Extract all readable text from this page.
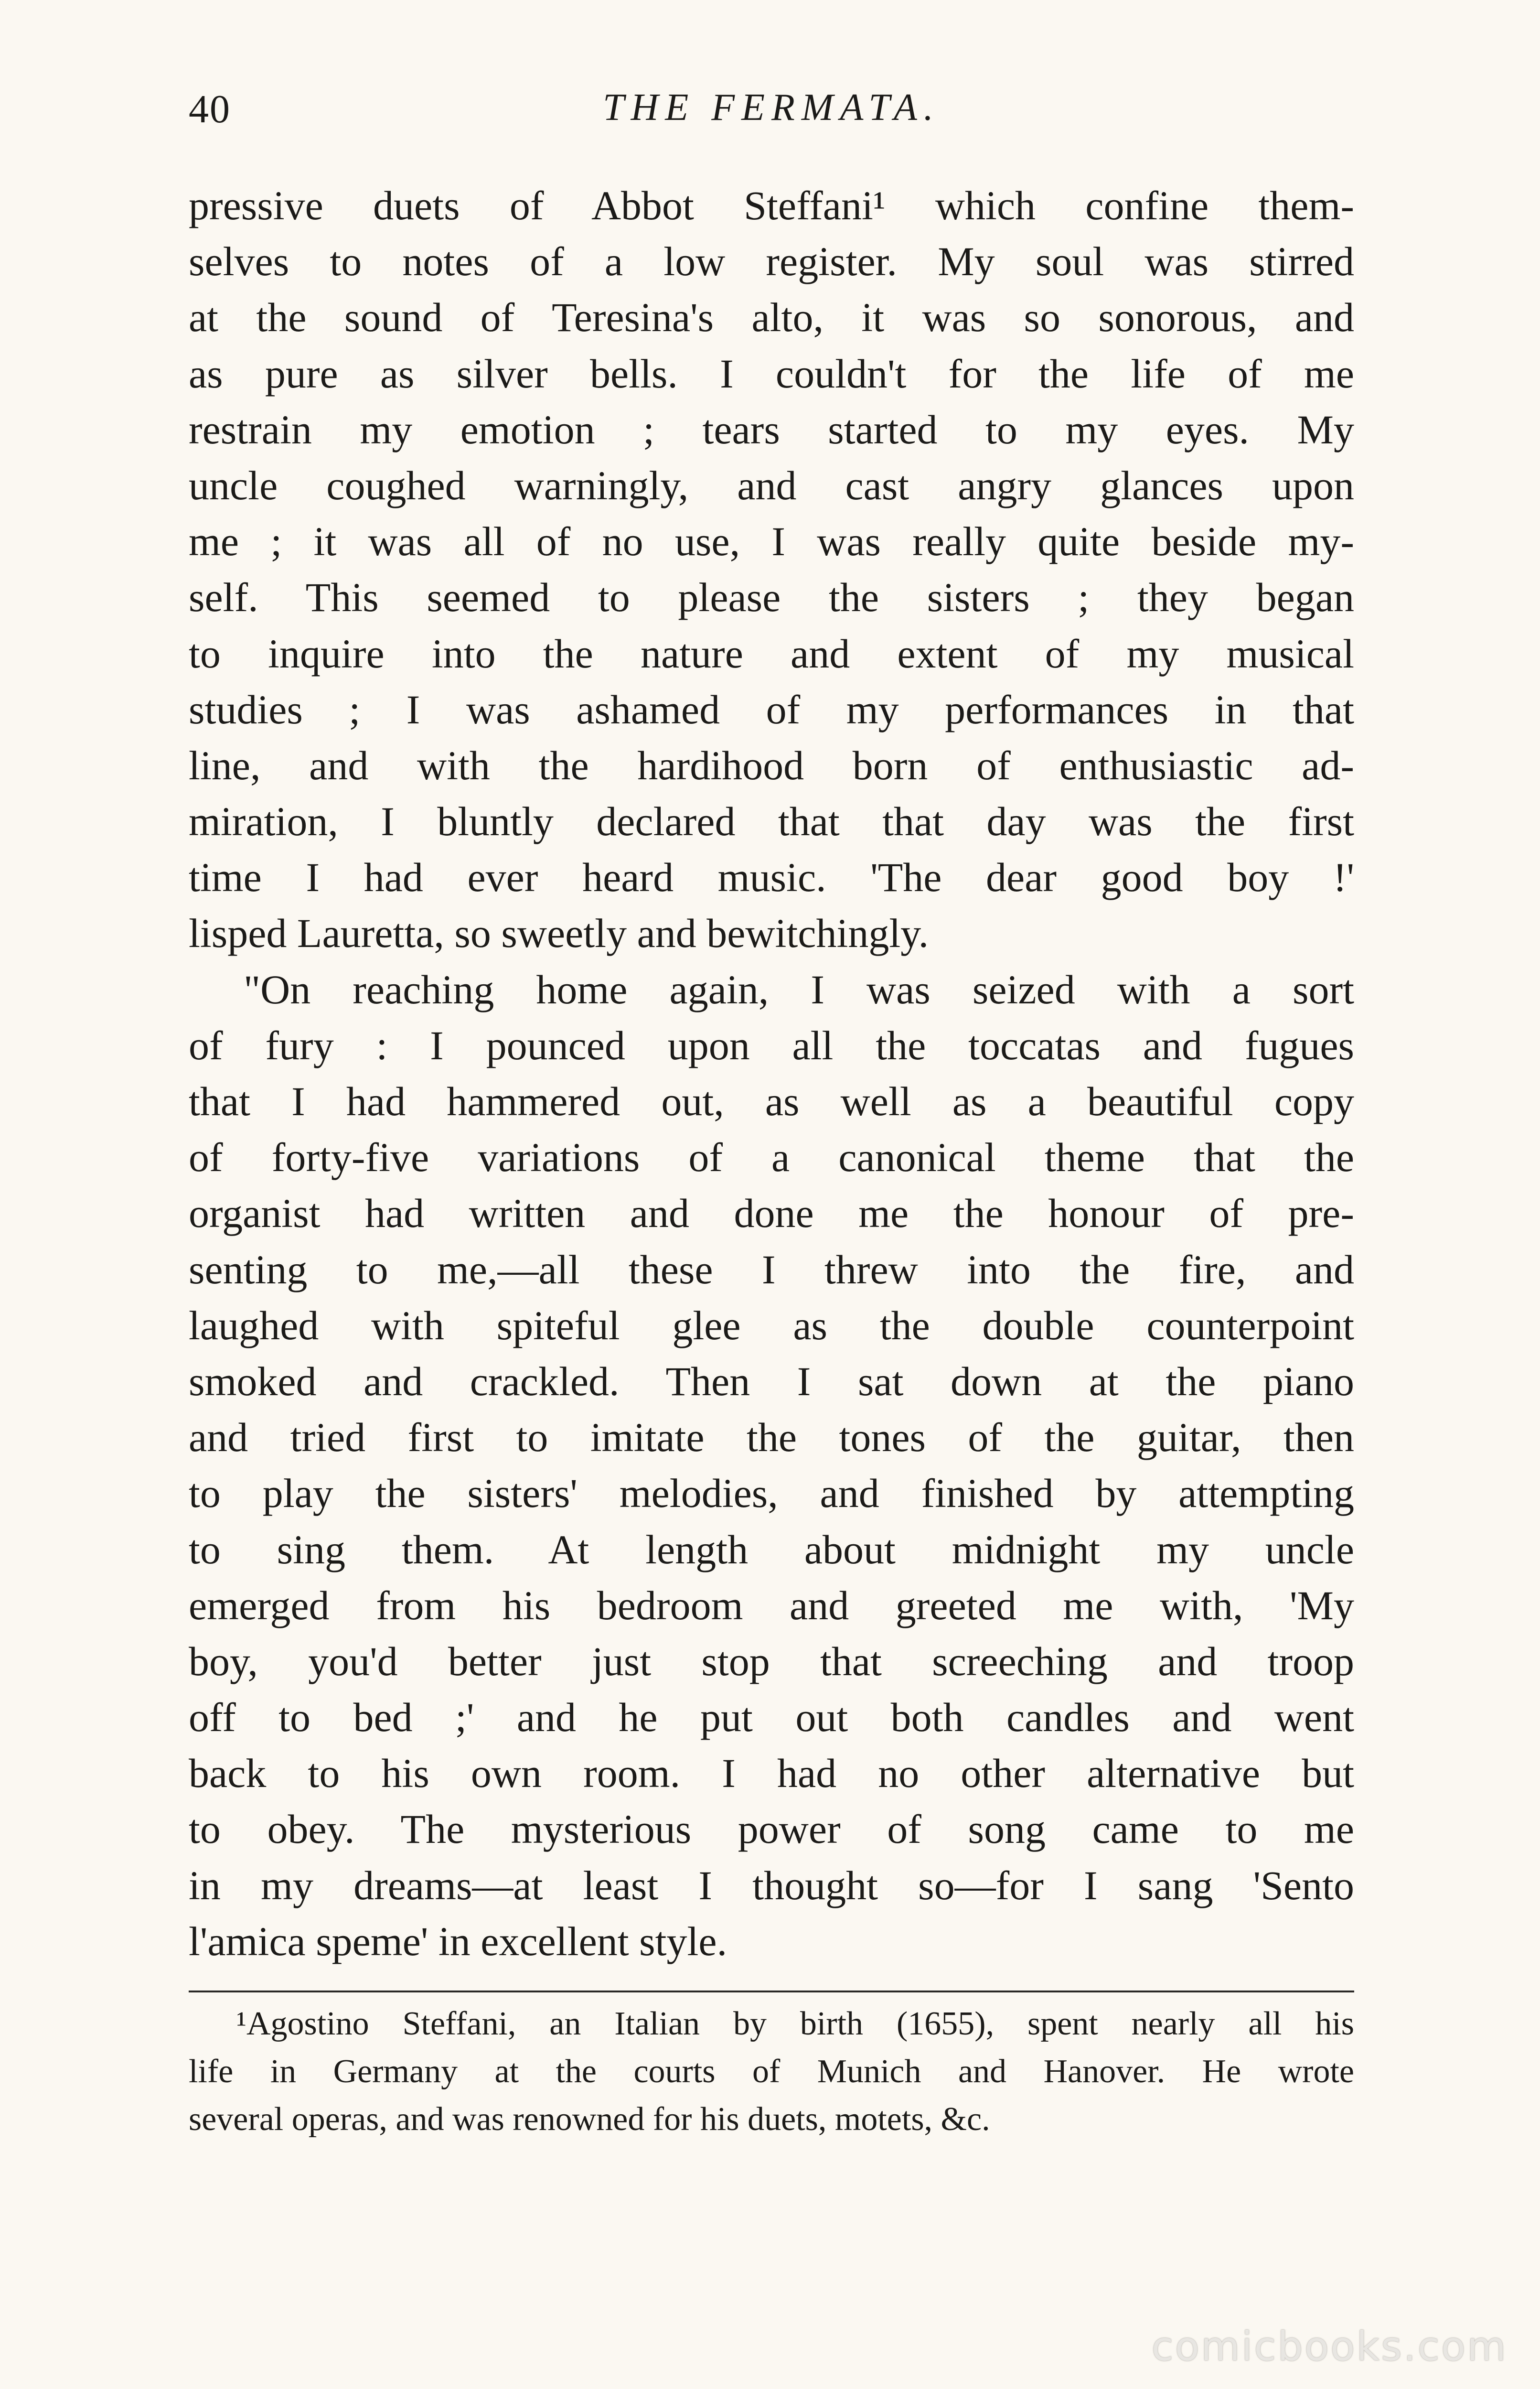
40	THE FERMATA.
pressive duets of Abbot Steffani¹ which confine them-
selves to notes of a low register. My soul was stirred
at the sound of Teresina's alto, it was so sonorous, and
as pure as silver bells. I couldn't for the life of me
restrain my emotion ; tears started to my eyes. My
uncle coughed warningly, and cast angry glances upon
me ; it was all of no use, I was really quite beside my-
self. This seemed to please the sisters ; they began
to inquire into the nature and extent of my musical
studies ; I was ashamed of my performances in that
line, and with the hardihood born of enthusiastic ad-
miration, I bluntly declared that that day was the first
time I had ever heard music. 'The dear good boy !'
lisped Lauretta, so sweetly and bewitchingly.
"On reaching home again, I was seized with a sort
of fury : I pounced upon all the toccatas and fugues
that I had hammered out, as well as a beautiful copy
of forty-five variations of a canonical theme that the
organist had written and done me the honour of pre-
senting to me,—all these I threw into the fire, and
laughed with spiteful glee as the double counterpoint
smoked and crackled. Then I sat down at the piano
and tried first to imitate the tones of the guitar, then
to play the sisters' melodies, and finished by attempting
to sing them. At length about midnight my uncle
emerged from his bedroom and greeted me with, 'My
boy, you'd better just stop that screeching and troop
off to bed ;' and he put out both candles and went
back to his own room. I had no other alternative but
to obey. The mysterious power of song came to me
in my dreams—at least I thought so—for I sang 'Sento
l'amica speme' in excellent style.
¹Agostino Steffani, an Italian by birth (1655), spent nearly all his
life in Germany at the courts of Munich and Hanover. He wrote
several operas, and was renowned for his duets, motets, &c.
comicbooks.com
